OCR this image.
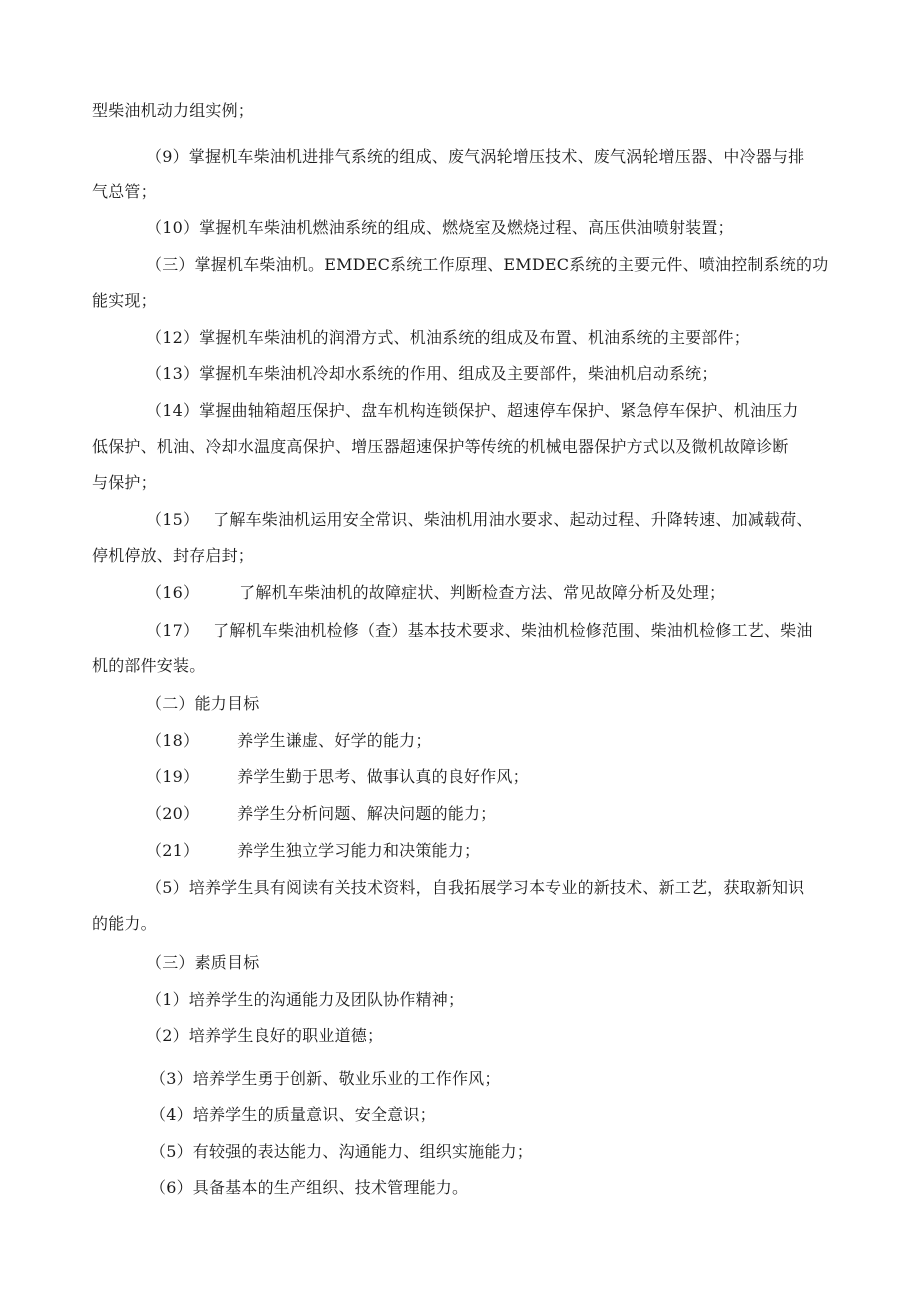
型柴油机动力组实例；
（9）掌握机车柴油机进排气系统的组成、废气涡轮增压技术、废气涡轮增压器、中冷器与排
气总管；
（10）掌握机车柴油机燃油系统的组成、燃烧室及燃烧过程、高压供油喷射装置；
（三）掌握机车柴油机。EMDEC系统工作原理、EMDEC系统的主要元件、喷油控制系统的功
能实现；
（12）掌握机车柴油机的润滑方式、机油系统的组成及布置、机油系统的主要部件；
（13）掌握机车柴油机冷却水系统的作用、组成及主要部件，柴油机启动系统；
（14）掌握曲轴箱超压保护、盘车机构连锁保护、超速停车保护、紧急停车保护、机油压力
低保护、机油、冷却水温度高保护、增压器超速保护等传统的机械电器保护方式以及微机故障诊断
与保护；
（15） 了解车柴油机运用安全常识、柴油机用油水要求、起动过程、升降转速、加减载荷、
停机停放、封存启封；
（16）	了解机车柴油机的故障症状、判断检查方法、常见故障分析及处理；
（17） 了解机车柴油机检修（查）基本技术要求、柴油机检修范围、柴油机检修工艺、柴油
机的部件安装。
（二）能力目标
（18） 养学生谦虚、好学的能力；
（19） 养学生勤于思考、做事认真的良好作风；
（20） 养学生分析问题、解决问题的能力；
（21） 养学生独立学习能力和决策能力；
（5）培养学生具有阅读有关技术资料，自我拓展学习本专业的新技术、新工艺，获取新知识
的能力。
（三）素质目标
（1）培养学生的沟通能力及团队协作精神；
（2）培养学生良好的职业道德；
（3）培养学生勇于创新、敬业乐业的工作作风；
（4）培养学生的质量意识、安全意识；
（5）有较强的表达能力、沟通能力、组织实施能力；
（6）具备基本的生产组织、技术管理能力。
